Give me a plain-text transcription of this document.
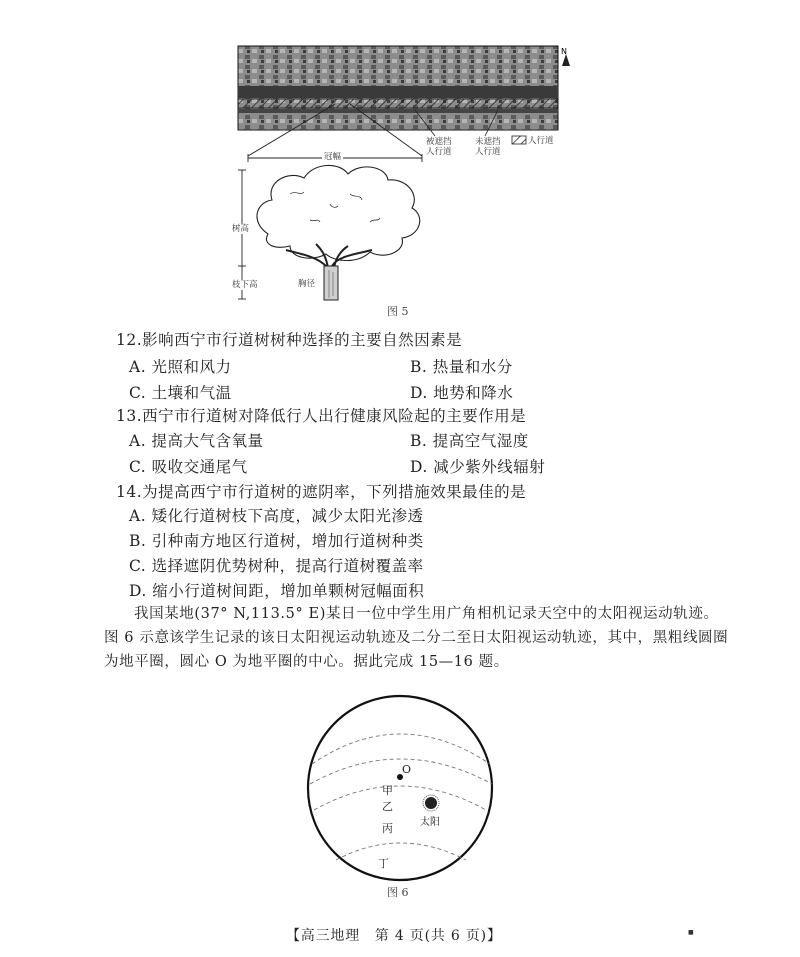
N
被遮挡
人行道
未遮挡
人行道
人行道
冠幅
树高
枝下高	胸径
图 5
12.影响西宁市行道树树种选择的主要自然因素是
A. 光照和风力	B. 热量和水分
C. 土壤和气温	D. 地势和降水
13.西宁市行道树对降低行人出行健康风险起的主要作用是
A. 提高大气含氧量	B. 提高空气湿度
C. 吸收交通尾气	D. 减少紫外线辐射
14.为提高西宁市行道树的遮阴率，下列措施效果最佳的是
A. 矮化行道树枝下高度，减少太阳光渗透
B. 引种南方地区行道树，增加行道树种类
C. 选择遮阴优势树种，提高行道树覆盖率
D. 缩小行道树间距，增加单颗树冠幅面积
我国某地(37° N,113.5° E)某日一位中学生用广角相机记录天空中的太阳视运动轨迹。
图 6 示意该学生记录的该日太阳视运动轨迹及二分二至日太阳视运动轨迹，其中，黑粗线圆圈
为地平圈，圆心 O 为地平圈的中心。据此完成 15—16 题。
O
甲
乙
丙
丁
太阳
图 6
【高三地理　第 4 页(共 6 页)】	■
